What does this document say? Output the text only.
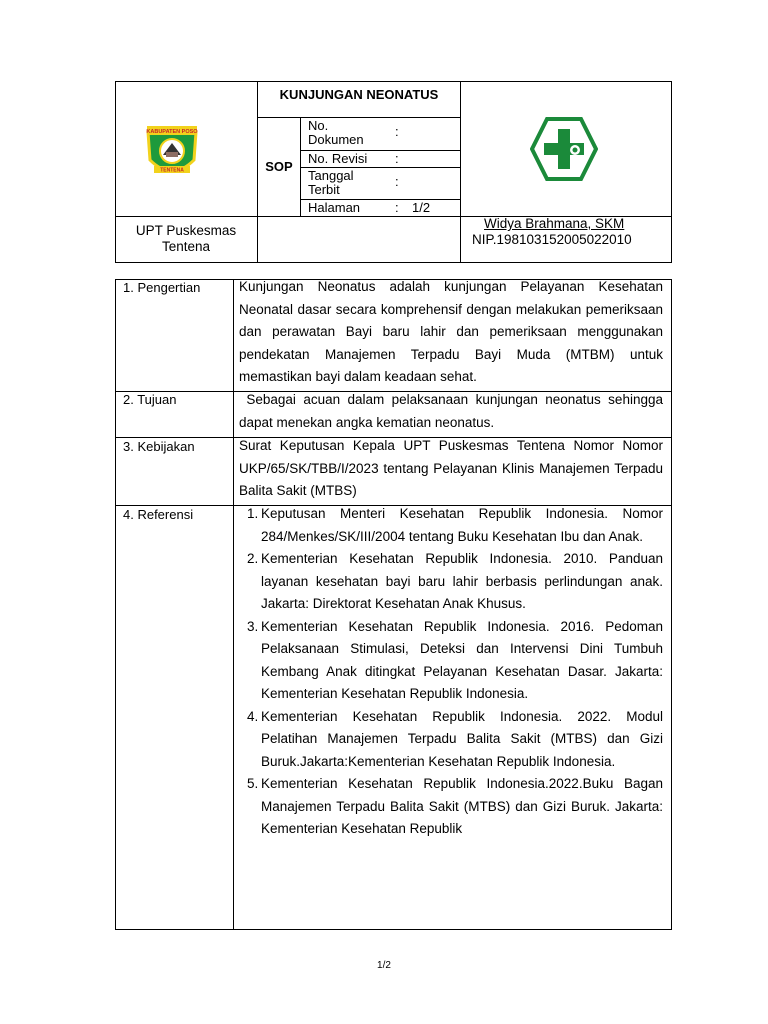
KABUPATEN POSO
TENTENA
KUNJUNGAN NEONATUS
SOP
No. Dokumen
:
No. Revisi :
Tanggal Terbit
:
Halaman	: 1/2
UPT Puskesmas Tentena
Widya Brahmana, SKM
NIP.198103152005022010
1. Pengertian	Kunjungan Neonatus adalah kunjungan Pelayanan Kesehatan Neonatal dasar secara komprehensif dengan melakukan pemeriksaan dan perawatan Bayi baru lahir dan pemeriksaan menggunakan pendekatan Manajemen Terpadu Bayi Muda (MTBM) untuk memastikan bayi dalam keadaan sehat.
2. Tujuan	Sebagai acuan dalam pelaksanaan kunjungan neonatus sehingga dapat menekan angka kematian neonatus.
3. Kebijakan	Surat Keputusan Kepala UPT Puskesmas Tentena Nomor Nomor UKP/65/SK/TBB/I/2023 tentang Pelayanan Klinis Manajemen Terpadu Balita Sakit (MTBS)
4. Referensi	1. Keputusan Menteri Kesehatan Republik Indonesia. Nomor 284/Menkes/SK/III/2004 tentang Buku Kesehatan Ibu dan Anak.
2. Kementerian Kesehatan Republik Indonesia. 2010. Panduan layanan kesehatan bayi baru lahir berbasis perlindungan anak. Jakarta: Direktorat Kesehatan Anak Khusus.
3. Kementerian Kesehatan Republik Indonesia. 2016. Pedoman Pelaksanaan Stimulasi, Deteksi dan Intervensi Dini Tumbuh Kembang Anak ditingkat Pelayanan Kesehatan Dasar. Jakarta: Kementerian Kesehatan Republik Indonesia.
4. Kementerian Kesehatan Republik Indonesia. 2022. Modul Pelatihan Manajemen Terpadu Balita Sakit (MTBS) dan Gizi Buruk.Jakarta:Kementerian Kesehatan Republik Indonesia.
5. Kementerian Kesehatan Republik Indonesia.2022.Buku Bagan Manajemen Terpadu Balita Sakit (MTBS) dan Gizi Buruk. Jakarta: Kementerian Kesehatan Republik
1/2
